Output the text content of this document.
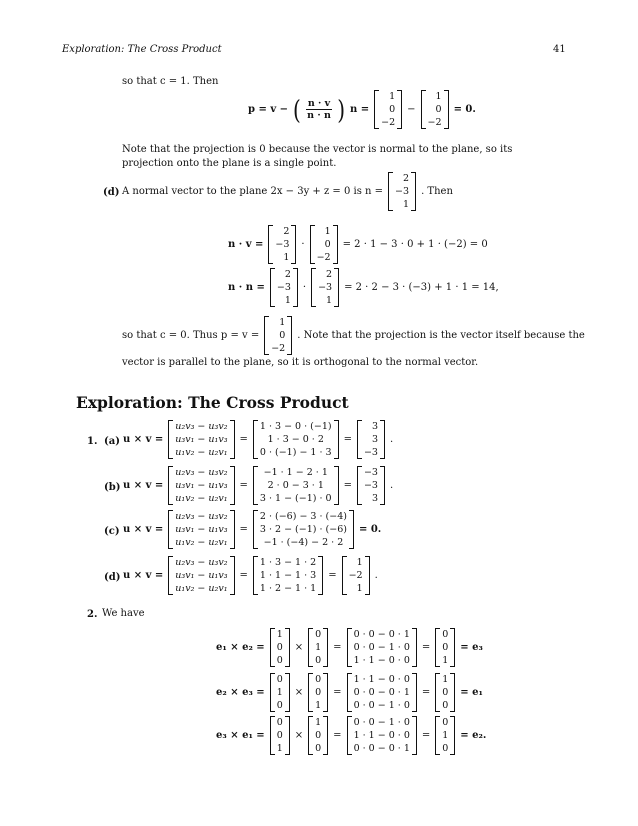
Exploration: The Cross Product	41
so that c = 1. Then
p = v − ( $\frac{n \cdot v}{n \cdot n}$ ) n =
1
0
−2
−
1
0
−2
= 0.
Note that the projection is 0 because the vector is normal to the plane, so its projection onto the plane is a single point.
(d) A normal vector to the plane 2x − 3y + z = 0 is n =
2
−3
1
. Then
n · v =
2
−3
1
·
1
0
−2
= 2 · 1 − 3 · 0 + 1 · (−2) = 0
n · n =
2
−3
1
·
2
−3
1
= 2 · 2 − 3 · (−3) + 1 · 1 = 14,
so that c = 0. Thus p = v =
1
0
−2
. Note that the projection is the vector itself because the
vector is parallel to the plane, so it is orthogonal to the normal vector.
Exploration: The Cross Product
1. (a) u × v =
u₂v₃ − u₃v₂
u₃v₁ − u₁v₃
u₁v₂ − u₂v₁
=
1 · 3 − 0 · (−1)
1 · 3 − 0 · 2
0 · (−1) − 1 · 3
=
3
3
−3
.
(b) u × v =
u₂v₃ − u₃v₂
u₃v₁ − u₁v₃
u₁v₂ − u₂v₁
=
−1 · 1 − 2 · 1
2 · 0 − 3 · 1
3 · 1 − (−1) · 0
=
−3
−3
3
.
(c) u × v =
u₂v₃ − u₃v₂
u₃v₁ − u₁v₃
u₁v₂ − u₂v₁
=
2 · (−6) − 3 · (−4)
3 · 2 − (−1) · (−6)
−1 · (−4) − 2 · 2
= 0.
(d) u × v =
u₂v₃ − u₃v₂
u₃v₁ − u₁v₃
u₁v₂ − u₂v₁
=
1 · 3 − 1 · 2
1 · 1 − 1 · 3
1 · 2 − 1 · 1
=
1
−2
1
.
2. We have
e₁ × e₂ =
1
0
0
×
0
1
0
=
0 · 0 − 0 · 1
0 · 0 − 1 · 0
1 · 1 − 0 · 0
=
0
0
1
= e₃
e₂ × e₃ =
0
1
0
×
0
0
1
=
1 · 1 − 0 · 0
0 · 0 − 0 · 1
0 · 0 − 1 · 0
=
1
0
0
= e₁
e₃ × e₁ =
0
0
1
×
1
0
0
=
0 · 0 − 1 · 0
1 · 1 − 0 · 0
0 · 0 − 0 · 1
=
0
1
0
= e₂.
